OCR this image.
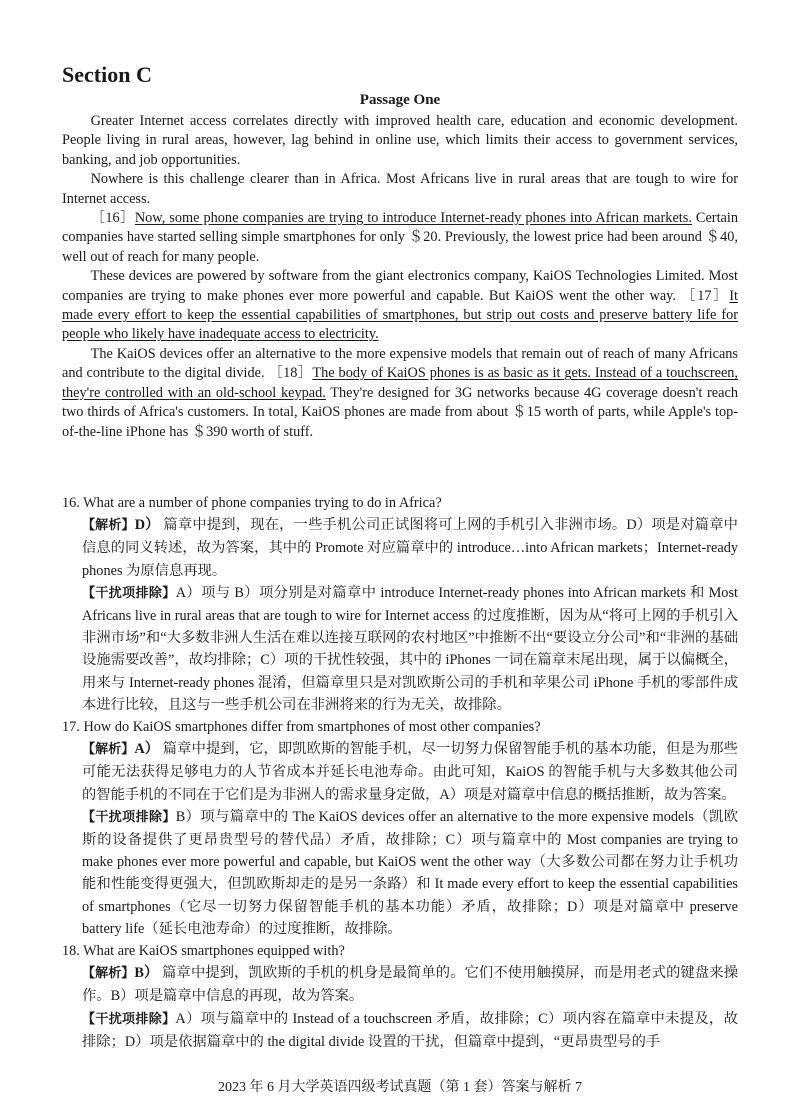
Section C
Passage One

Greater Internet access correlates directly with improved health care, education and economic development. People living in rural areas, however, lag behind in online use, which limits their access to government services, banking, and job opportunities.

Nowhere is this challenge clearer than in Africa. Most Africans live in rural areas that are tough to wire for Internet access.

［16］Now, some phone companies are trying to introduce Internet-ready phones into African markets. Certain companies have started selling simple smartphones for only ＄20. Previously, the lowest price had been around ＄40, well out of reach for many people.

These devices are powered by software from the giant electronics company, KaiOS Technologies Limited. Most companies are trying to make phones ever more powerful and capable. But KaiOS went the other way. ［17］It made every effort to keep the essential capabilities of smartphones, but strip out costs and preserve battery life for people who likely have inadequate access to electricity.

The KaiOS devices offer an alternative to the more expensive models that remain out of reach of many Africans and contribute to the digital divide. ［18］The body of KaiOS phones is as basic as it gets. Instead of a touchscreen, they're controlled with an old-school keypad. They're designed for 3G networks because 4G coverage doesn't reach two thirds of Africa's customers. In total, KaiOS phones are made from about ＄15 worth of parts, while Apple's top-of-the-line iPhone has ＄390 worth of stuff.

16. What are a number of phone companies trying to do in Africa?

【解析】D） 篇章中提到，现在，一些手机公司正试图将可上网的手机引入非洲市场。D）项是对篇章中信息的同义转述，故为答案，其中的 Promote 对应篇章中的 introduce…into African markets；Internet-ready phones 为原信息再现。

【干扰项排除】A）项与 B）项分别是对篇章中 introduce Internet-ready phones into African markets 和 Most Africans live in rural areas that are tough to wire for Internet access 的过度推断，因为从“将可上网的手机引入非洲市场”和“大多数非洲人生活在难以连接互联网的农村地区”中推断不出“要设立分公司”和“非洲的基础设施需要改善”，故均排除；C）项的干扰性较强，其中的 iPhones 一词在篇章末尾出现，属于以偏概全，用来与 Internet-ready phones 混淆，但篇章里只是对凯欧斯公司的手机和苹果公司 iPhone 手机的零部件成本进行比较，且这与一些手机公司在非洲将来的行为无关，故排除。

17. How do KaiOS smartphones differ from smartphones of most other companies?

【解析】A） 篇章中提到，它，即凯欧斯的智能手机，尽一切努力保留智能手机的基本功能，但是为那些可能无法获得足够电力的人节省成本并延长电池寿命。由此可知，KaiOS 的智能手机与大多数其他公司的智能手机的不同在于它们是为非洲人的需求量身定做，A）项是对篇章中信息的概括推断，故为答案。

【干扰项排除】B）项与篇章中的 The KaiOS devices offer an alternative to the more expensive models（凯欧斯的设备提供了更昂贵型号的替代品）矛盾，故排除；C）项与篇章中的 Most companies are trying to make phones ever more powerful and capable, but KaiOS went the other way（大多数公司都在努力让手机功能和性能变得更强大，但凯欧斯却走的是另一条路）和 It made every effort to keep the essential capabilities of smartphones（它尽一切努力保留智能手机的基本功能）矛盾，故排除；D）项是对篇章中 preserve battery life（延长电池寿命）的过度推断，故排除。

18. What are KaiOS smartphones equipped with?

【解析】B） 篇章中提到，凯欧斯的手机的机身是最简单的。它们不使用触摸屏，而是用老式的键盘来操作。B）项是篇章中信息的再现，故为答案。

【干扰项排除】A）项与篇章中的 Instead of a touchscreen 矛盾，故排除；C）项内容在篇章中未提及，故排除；D）项是依据篇章中的 the digital divide 设置的干扰，但篇章中提到，“更昂贵型号的手

2023 年 6 月大学英语四级考试真题（第 1 套）答案与解析 7
